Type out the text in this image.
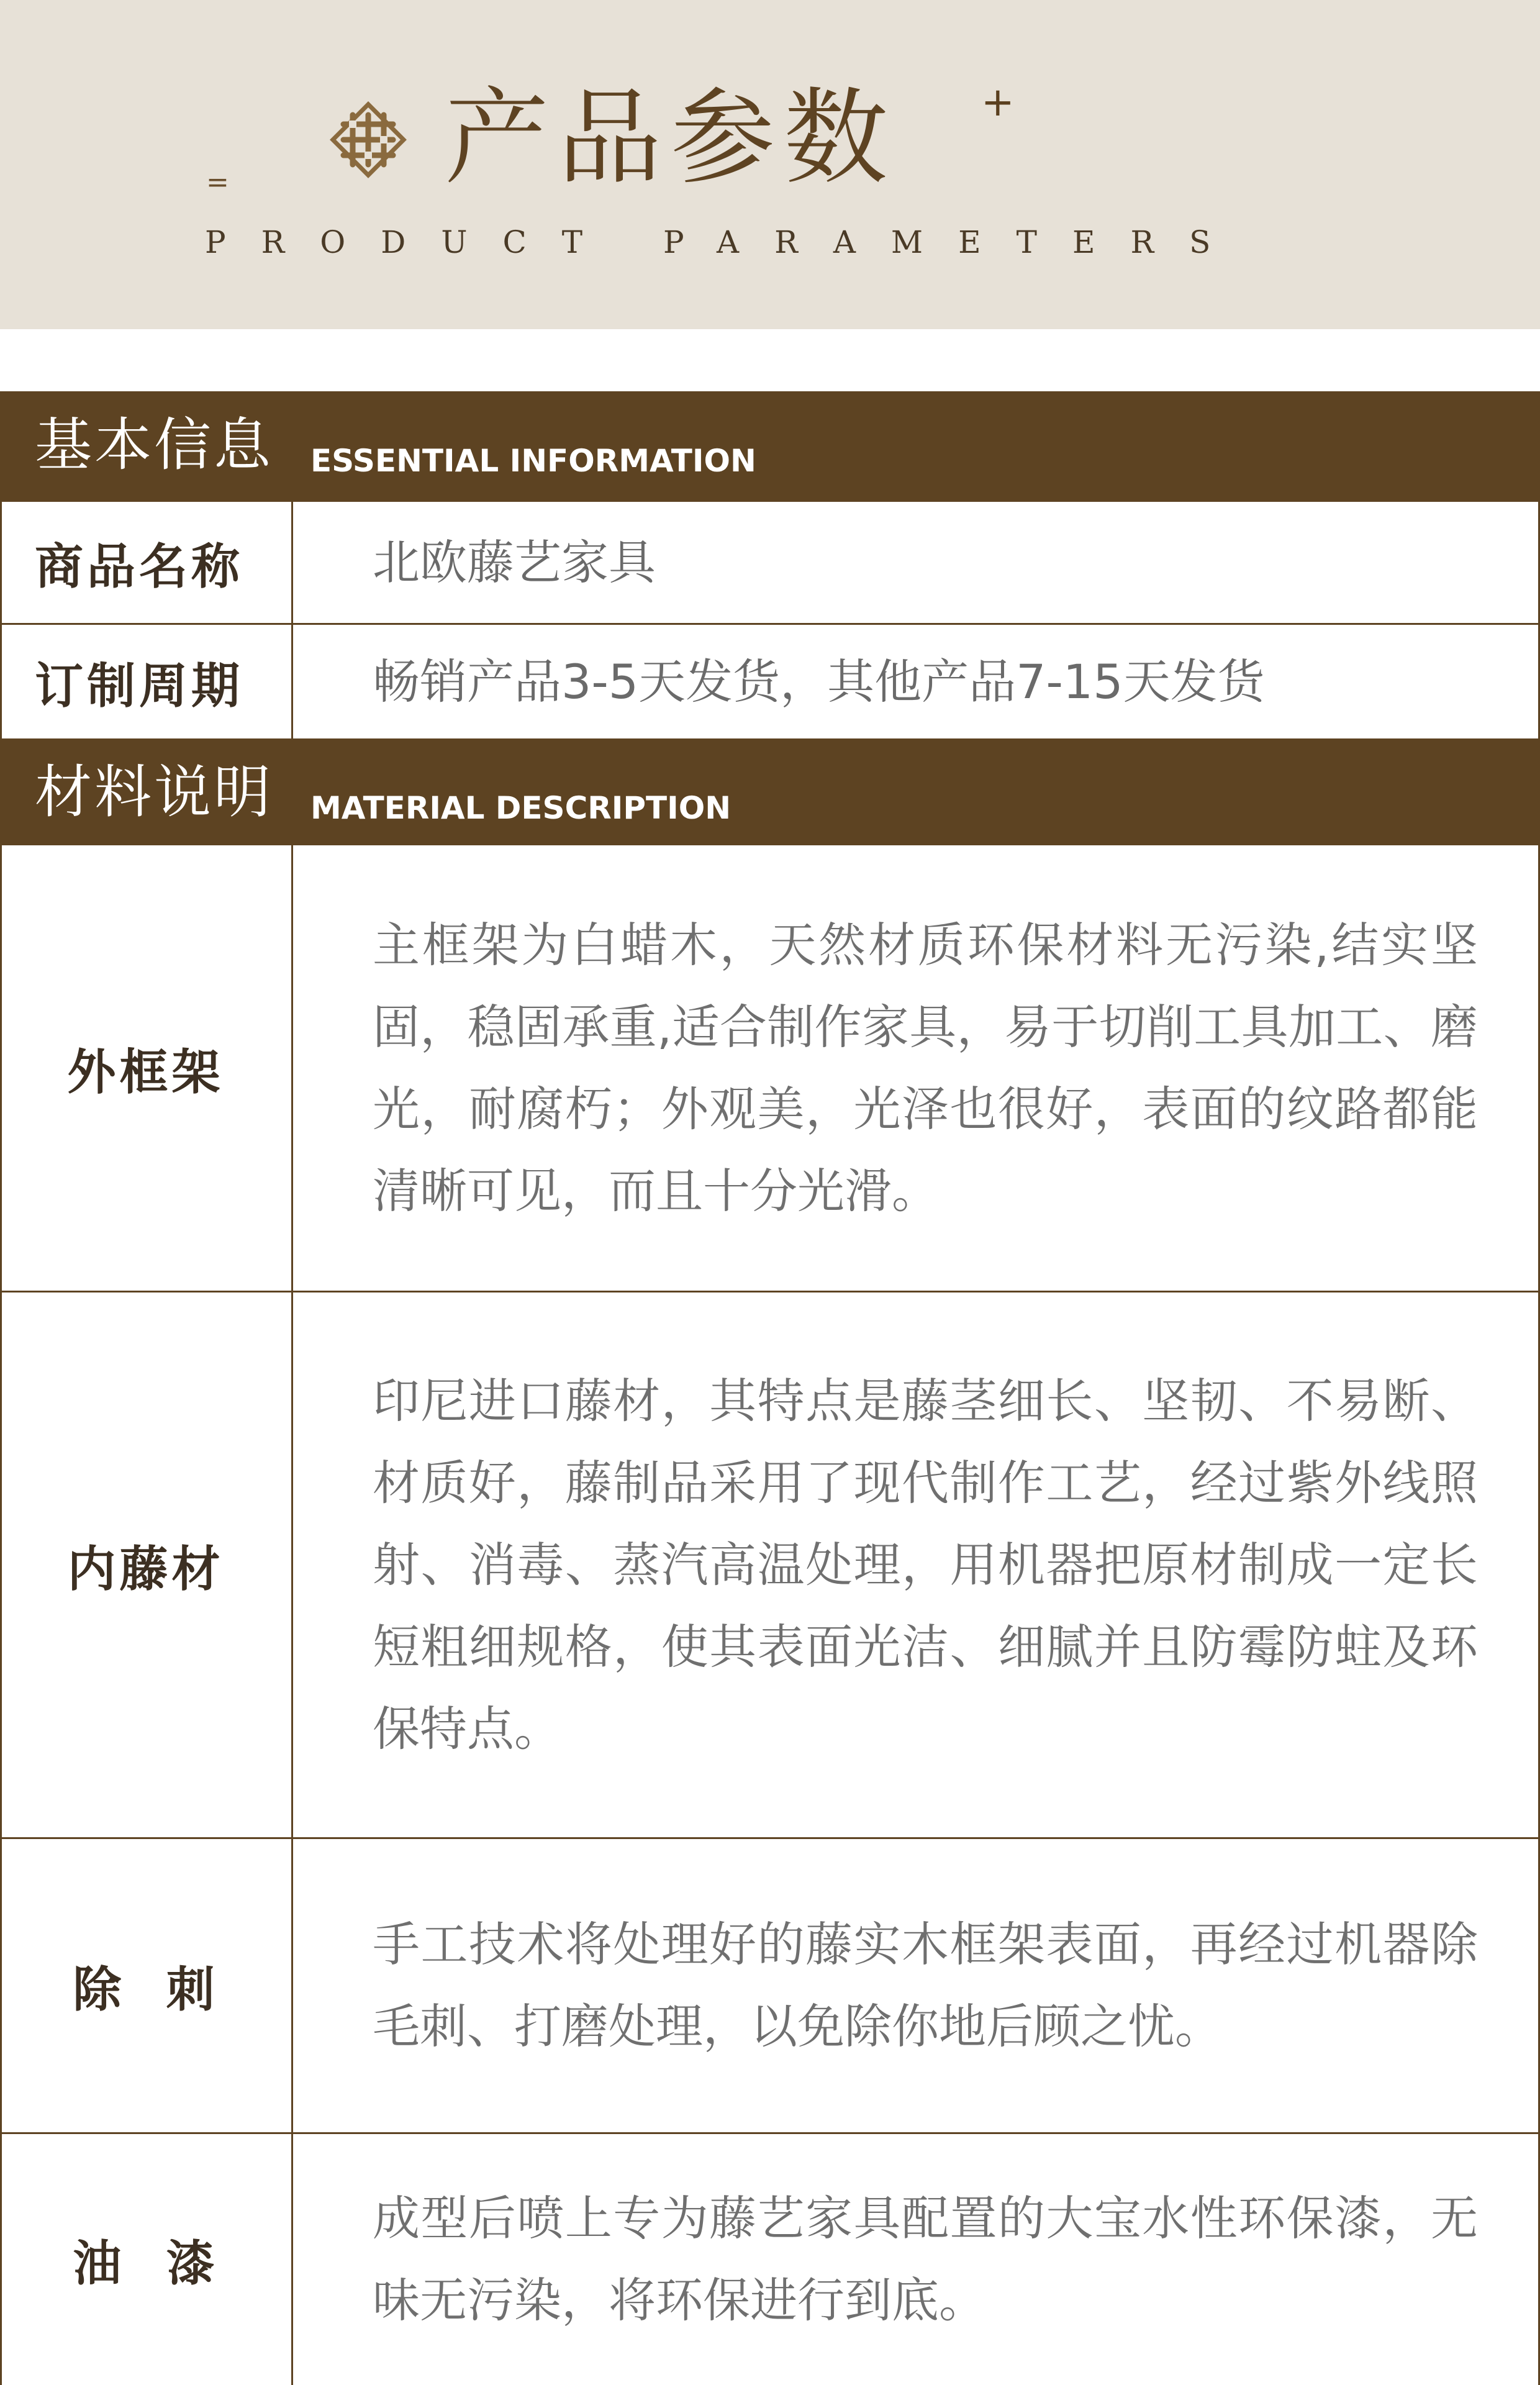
=
+
产品参数
PRODUCT PARAMETERS
基本信息 ESSENTIAL INFORMATION
商品名称	北欧藤艺家具
订制周期	畅销产品3-5天发货，其他产品7-15天发货
材料说明 MATERIAL DESCRIPTION
外框架
主框架为白蜡木，天然材质环保材料无污染,结实坚固，稳固承重,适合制作家具，易于切削工具加工、磨光，耐腐朽；外观美，光泽也很好，表面的纹路都能清晰可见，而且十分光滑。
内藤材
印尼进口藤材，其特点是藤茎细长、坚韧、不易断、材质好，藤制品采用了现代制作工艺，经过紫外线照射、消毒、蒸汽高温处理，用机器把原材制成一定长短粗细规格，使其表面光洁、细腻并且防霉防蛀及环保特点。
除  刺
手工技术将处理好的藤实木框架表面，再经过机器除毛刺、打磨处理，以免除你地后顾之忧。
油  漆
成型后喷上专为藤艺家具配置的大宝水性环保漆，无味无污染，将环保进行到底。
